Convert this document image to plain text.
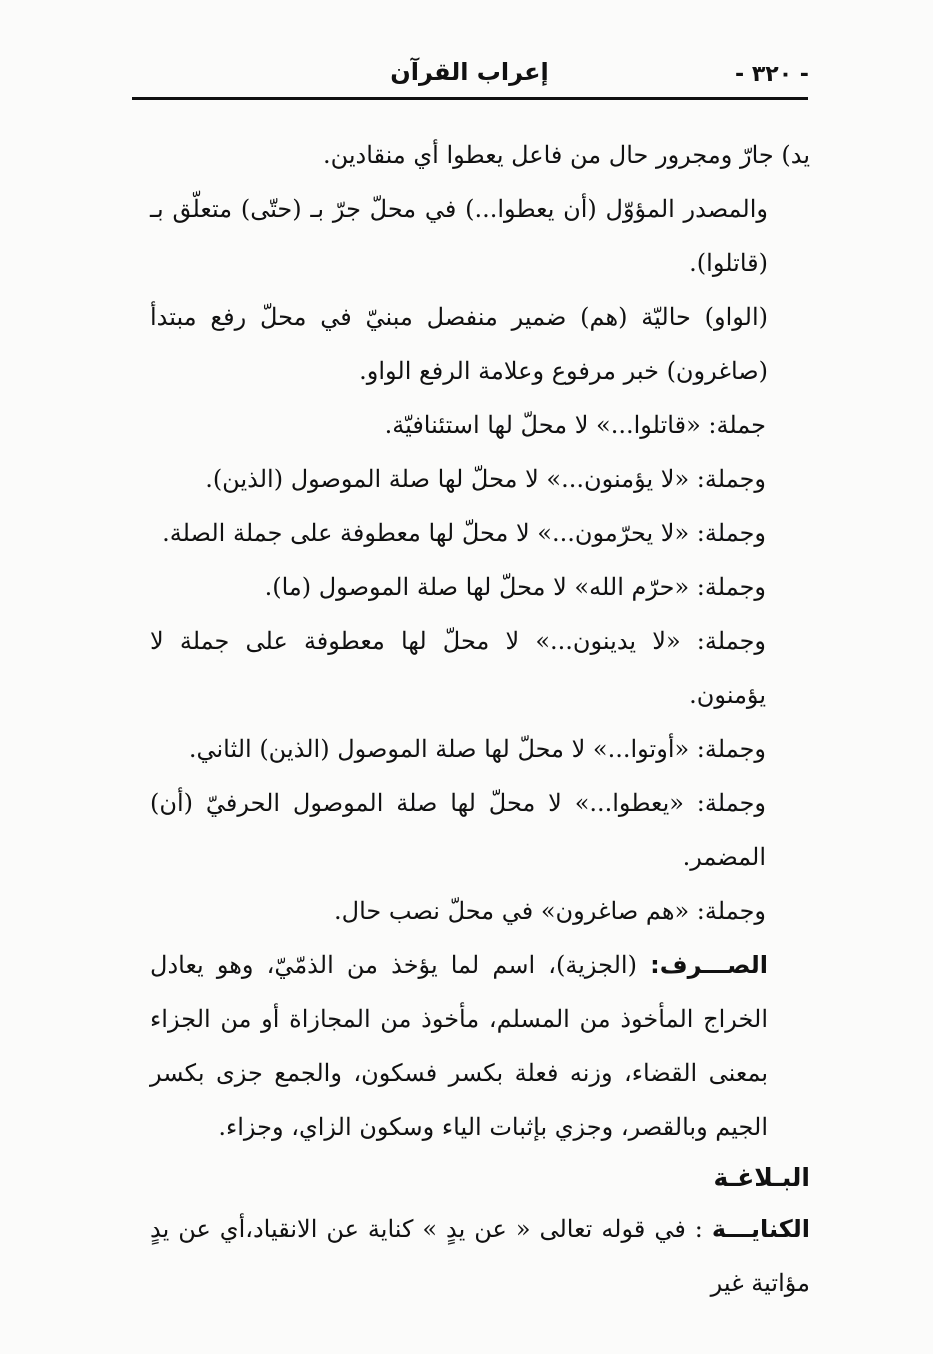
إعراب القرآن	- ٣٢٠ -

يد) جارّ ومجرور حال من فاعل يعطوا أي منقادين.

والمصدر المؤوّل (أن يعطوا...) في محلّ جرّ بـ (حتّى) متعلّق بـ (قاتلوا).

(الواو) حاليّة (هم) ضمير منفصل مبنيّ في محلّ رفع مبتدأ (صاغرون) خبر مرفوع وعلامة الرفع الواو.

جملة: «قاتلوا...» لا محلّ لها استئنافيّة.

وجملة: «لا يؤمنون...» لا محلّ لها صلة الموصول (الذين).

وجملة: «لا يحرّمون...» لا محلّ لها معطوفة على جملة الصلة.

وجملة: «حرّم الله» لا محلّ لها صلة الموصول (ما).

وجملة: «لا يدينون...» لا محلّ لها معطوفة على جملة لا يؤمنون.

وجملة: «أوتوا...» لا محلّ لها صلة الموصول (الذين) الثاني.

وجملة: «يعطوا...» لا محلّ لها صلة الموصول الحرفيّ (أن) المضمر.

وجملة: «هم صاغرون» في محلّ نصب حال.

الصـــرف: (الجزية)، اسم لما يؤخذ من الذمّيّ، وهو يعادل الخراج المأخوذ من المسلم، مأخوذ من المجازاة أو من الجزاء بمعنى القضاء، وزنه فعلة بكسر فسكون، والجمع جزى بكسر الجيم وبالقصر، وجزي بإثبات الياء وسكون الزاي، وجزاء.

البـلاغـة

الكنايـــة : في قوله تعالى « عن يدٍ » كناية عن الانقياد،أي عن يدٍ مؤاتية غير
